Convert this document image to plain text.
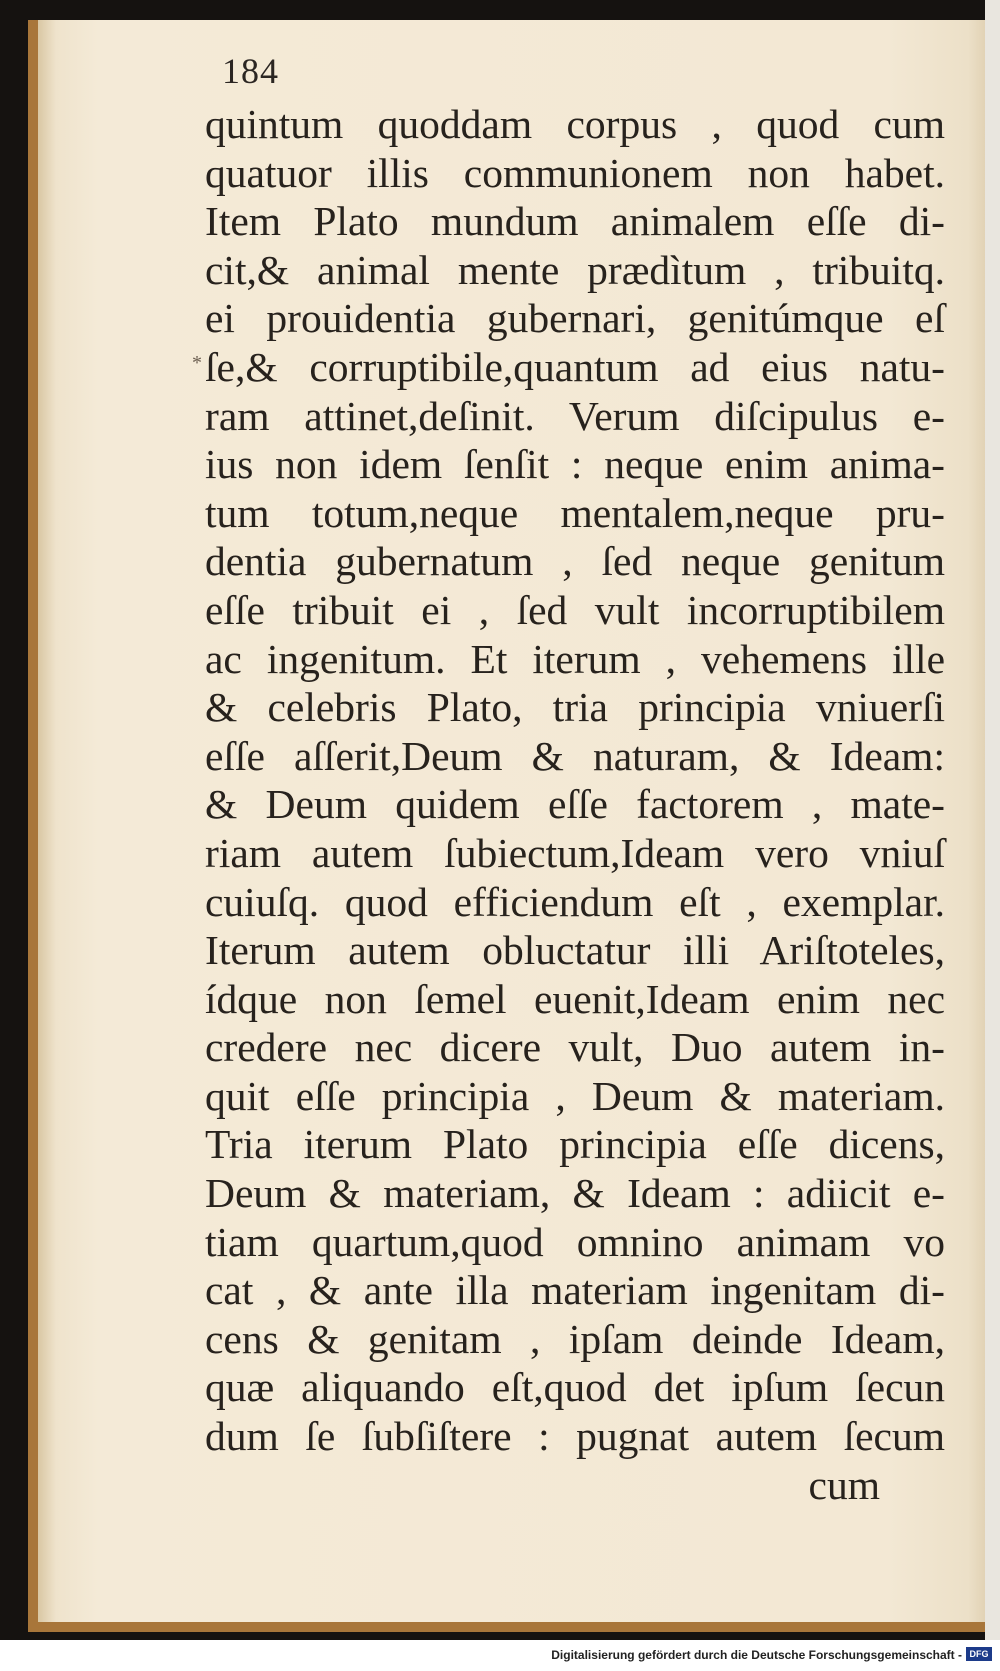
184
*
quintum quoddam corpus , quod cum
quatuor illis communionem non habet.
Item Plato mundum animalem eſſe di-
cit,& animal mente prædìtum , tribuitq.
ei prouidentia gubernari, genitúmque eſ
ſe,& corruptibile,quantum ad eius natu-
ram attinet,deſinit. Verum diſcipulus e-
ius non idem ſenſit : neque enim anima-
tum totum,neque mentalem,neque pru-
dentia gubernatum , ſed neque genitum
eſſe tribuit ei , ſed vult incorruptibilem
ac ingenitum. Et iterum , vehemens ille
& celebris Plato, tria principia vniuerſi
eſſe aſſerit,Deum & naturam, & Ideam:
& Deum quidem eſſe factorem , mate-
riam autem ſubiectum,Ideam vero vniuſ
cuiuſq. quod efficiendum eſt , exemplar.
Iterum autem obluctatur illi Ariſtoteles,
ídque non ſemel euenit,Ideam enim nec
credere nec dicere vult, Duo autem in-
quit eſſe principia , Deum & materiam.
Tria iterum Plato principia eſſe dicens,
Deum & materiam, & Ideam : adiicit e-
tiam quartum,quod omnino animam vo
cat , & ante illa materiam ingenitam di-
cens & genitam , ipſam deinde Ideam,
quæ aliquando eſt,quod det ipſum ſecun
dum ſe ſubſiſtere : pugnat autem ſecum
cum
Digitalisierung gefördert durch die Deutsche Forschungsgemeinschaft - DFG
